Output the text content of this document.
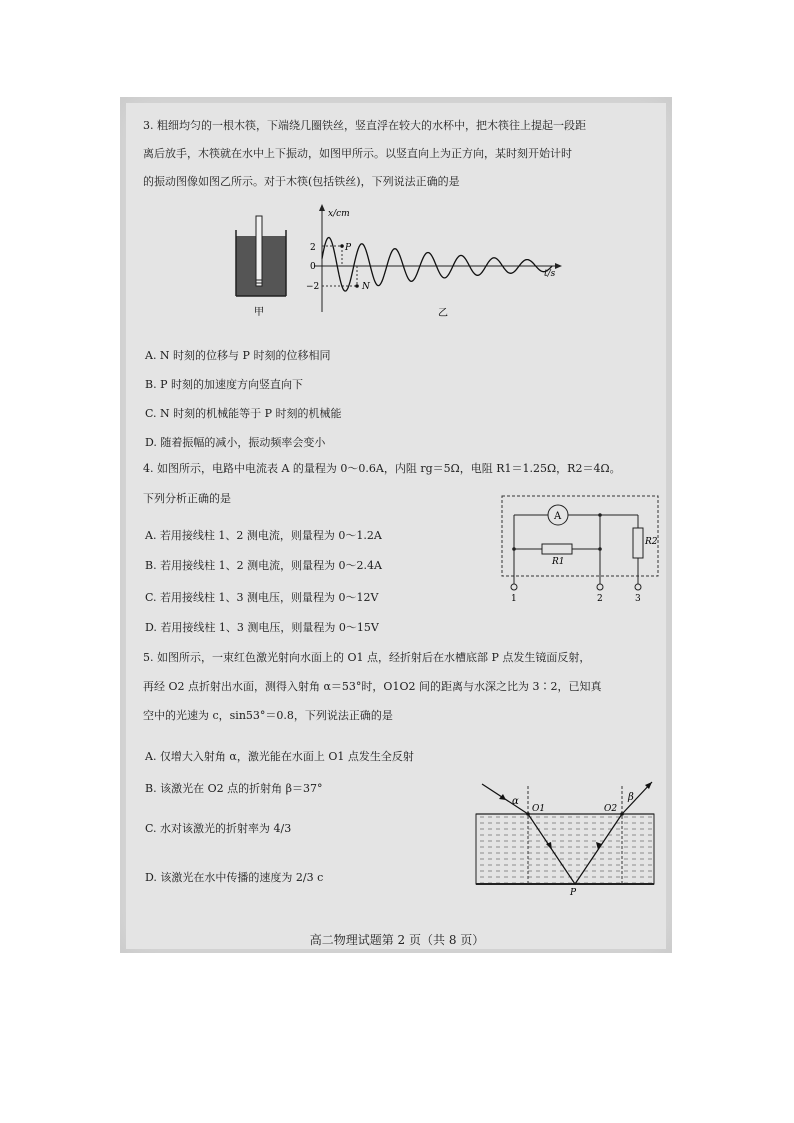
3. 粗细均匀的一根木筷，下端绕几圈铁丝，竖直浮在较大的水杯中，把木筷往上提起一段距
离后放手，木筷就在水中上下振动，如图甲所示。以竖直向上为正方向，某时刻开始计时
的振动图像如图乙所示。对于木筷(包括铁丝)，下列说法正确的是
甲
x/cm
t/s
2
0
−2
P
N
乙
A. N 时刻的位移与 P 时刻的位移相同
B. P 时刻的加速度方向竖直向下
C. N 时刻的机械能等于 P 时刻的机械能
D. 随着振幅的减小，振动频率会变小
4. 如图所示，电路中电流表 A 的量程为 0～0.6A，内阻 rg＝5Ω，电阻 R1＝1.25Ω，R2＝4Ω。
下列分析正确的是
A
R1
R2
1	2	3
A. 若用接线柱 1、2 测电流，则量程为 0～1.2A
B. 若用接线柱 1、2 测电流，则量程为 0～2.4A
C. 若用接线柱 1、3 测电压，则量程为 0～12V
D. 若用接线柱 1、3 测电压，则量程为 0～15V
5. 如图所示，一束红色激光射向水面上的 O1 点，经折射后在水槽底部 P 点发生镜面反射，
再经 O2 点折射出水面，测得入射角 α＝53°时，O1O2 间的距离与水深之比为 3∶2，已知真
空中的光速为 c，sin53°＝0.8，下列说法正确的是
A. 仅增大入射角 α，激光能在水面上 O1 点发生全反射
B. 该激光在 O2 点的折射角 β＝37°
C. 水对该激光的折射率为 4/3
D. 该激光在水中传播的速度为 2/3 c
α	β
O1	O2
P
高二物理试题第 2 页（共 8 页）
